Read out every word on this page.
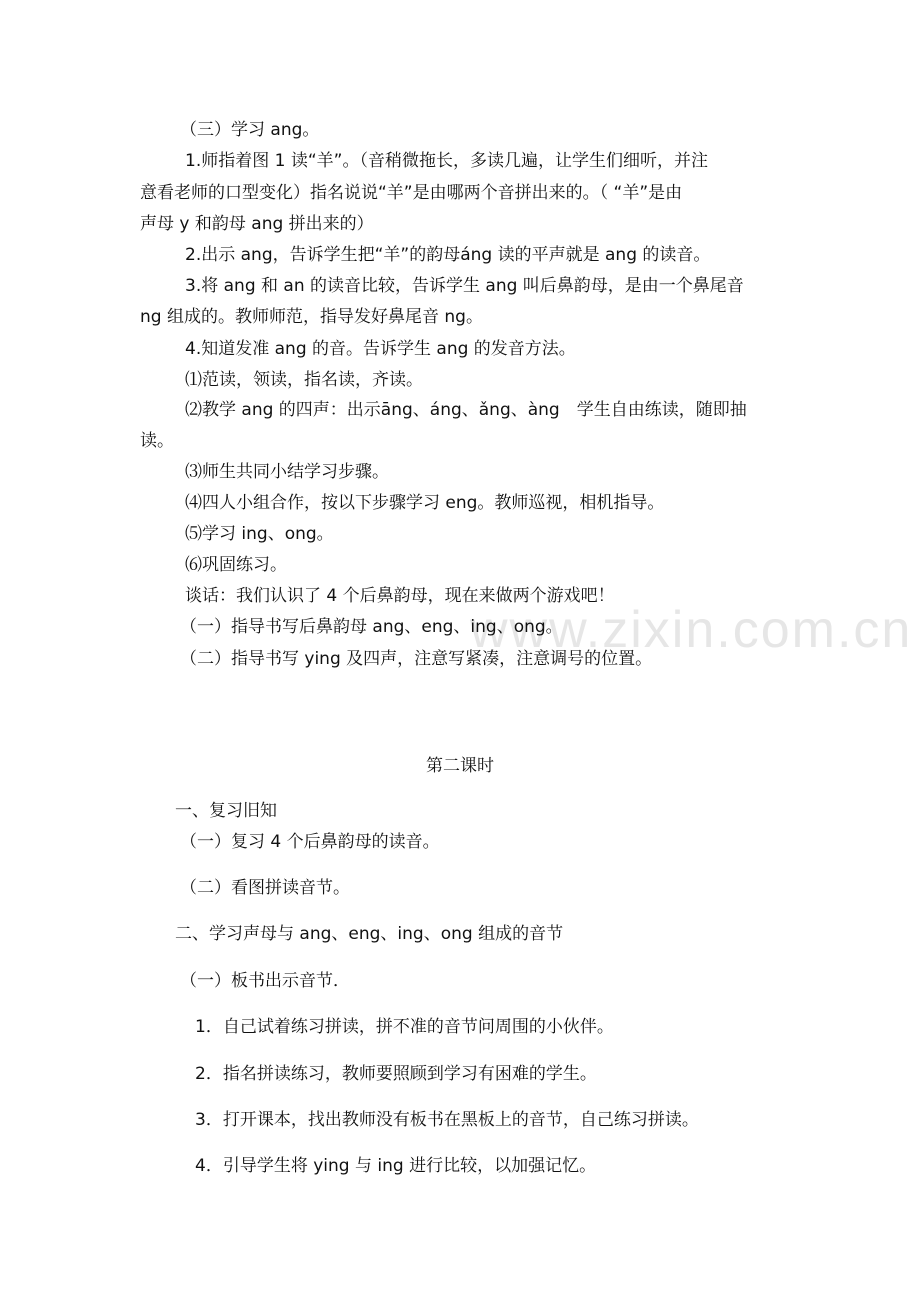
www.zixin.com.cn
（三）学习 ang。
1.师指着图 1 读“羊”。（音稍微拖长，多读几遍，让学生们细听，并注
意看老师的口型变化）指名说说“羊”是由哪两个音拼出来的。（ “羊”是由
声母 y 和韵母 ang 拼出来的）
2.出示 ang，告诉学生把“羊”的韵母áng 读的平声就是 ang 的读音。
3.将 ang 和 an 的读音比较，告诉学生 ang 叫后鼻韵母，是由一个鼻尾音
ng 组成的。教师师范，指导发好鼻尾音 ng。
4.知道发准 ang 的音。告诉学生 ang 的发音方法。
⑴范读，领读，指名读，齐读。
⑵教学 ang 的四声：出示āng、áng、ǎng、àng　学生自由练读，随即抽
读。
⑶师生共同小结学习步骤。
⑷四人小组合作，按以下步骤学习 eng。教师巡视，相机指导。
⑸学习 ing、ong。
⑹巩固练习。
谈话：我们认识了 4 个后鼻韵母，现在来做两个游戏吧！
（一）指导书写后鼻韵母 ang、eng、ing、ong。
（二）指导书写 ying 及四声，注意写紧凑，注意调号的位置。
第二课时
一、复习旧知
（一）复习 4 个后鼻韵母的读音。
（二）看图拼读音节。
二、学习声母与 ang、eng、ing、ong 组成的音节
（一）板书出示音节．
1．自己试着练习拼读，拼不准的音节问周围的小伙伴。
2．指名拼读练习，教师要照顾到学习有困难的学生。
3．打开课本，找出教师没有板书在黑板上的音节，自己练习拼读。
4．引导学生将 ying 与 ing 进行比较，以加强记忆。
